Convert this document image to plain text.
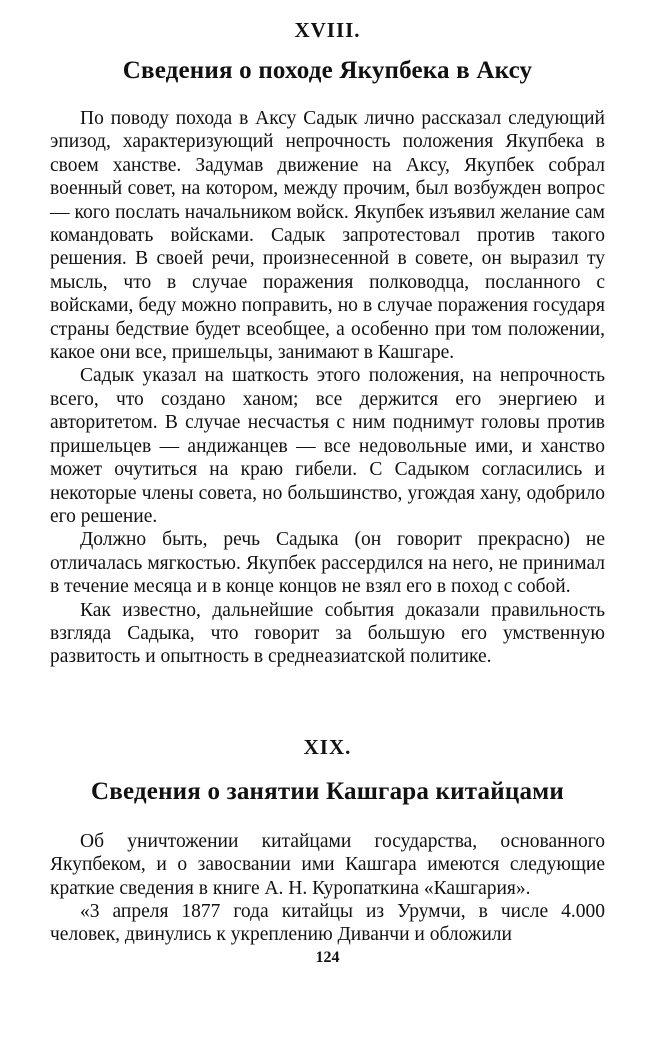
XVIII.

Сведения о походе Якупбека в Аксу

По поводу похода в Аксу Садык лично рассказал следующий эпизод, характеризующий непрочность положения Якупбека в своем ханстве. Задумав движение на Аксу, Якупбек собрал военный совет, на котором, между прочим, был возбужден вопрос — кого послать начальником войск. Якупбек изъявил желание сам командовать войсками. Садык запротестовал против такого решения. В своей речи, произнесенной в совете, он выразил ту мысль, что в случае поражения полководца, посланного с войсками, беду можно поправить, но в случае поражения государя страны бедствие будет всеобщее, а особенно при том положении, какое они все, пришельцы, занимают в Кашгаре.

Садык указал на шаткость этого положения, на непрочность всего, что создано ханом; все держится его энергиею и авторитетом. В случае несчастья с ним поднимут головы против пришельцев — андижанцев — все недовольные ими, и ханство может очутиться на краю гибели. С Садыком согласились и некоторые члены совета, но большинство, угождая хану, одобрило его решение.

Должно быть, речь Садыка (он говорит прекрасно) не отличалась мягкостью. Якупбек рассердился на него, не принимал в течение месяца и в конце концов не взял его в поход с собой.

Как известно, дальнейшие события доказали правильность взгляда Садыка, что говорит за большую его умственную развитость и опытность в среднеазиатской политике.

XIX.

Сведения о занятии Кашгара китайцами

Об уничтожении китайцами государства, основанного Якупбеком, и о завосвании ими Кашгара имеются следующие краткие сведения в книге А. Н. Куропаткина «Кашгария».

«3 апреля 1877 года китайцы из Урумчи, в числе 4.000 человек, двинулись к укреплению Диванчи и обложили

124
